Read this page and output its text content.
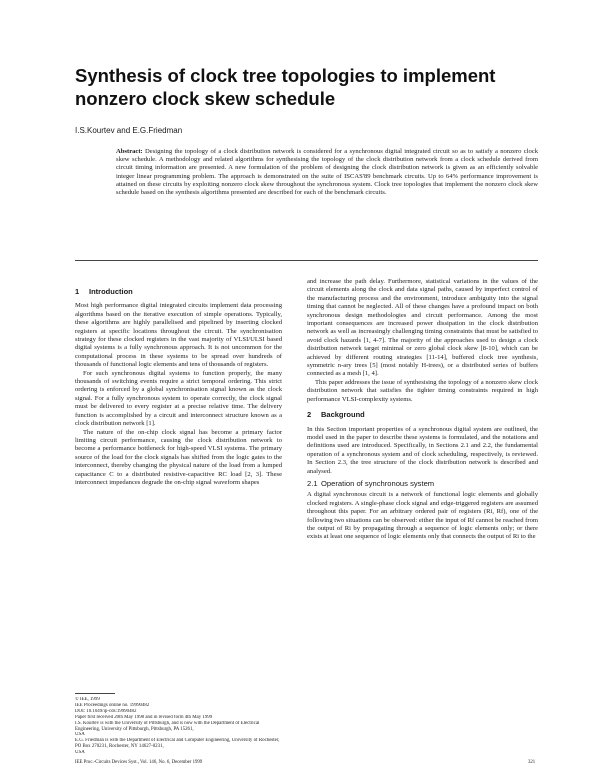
Synthesis of clock tree topologies to implement nonzero clock skew schedule
I.S.Kourtev and E.G.Friedman
Abstract: Designing the topology of a clock distribution network is considered for a synchronous digital integrated circuit so as to satisfy a nonzero clock skew schedule. A methodology and related algorithms for synthesising the topology of the clock distribution network from a clock schedule derived from circuit timing information are presented. A new formulation of the problem of designing the clock distribution network is given as an efficiently solvable integer linear programming problem. The approach is demonstrated on the suite of ISCAS'89 benchmark circuits. Up to 64% performance improvement is attained on these circuits by exploiting nonzero clock skew throughout the synchronous system. Clock tree topologies that implement the nonzero clock skew schedule based on the synthesis algorithms presented are described for each of the benchmark circuits.
1 Introduction

Most high performance digital integrated circuits implement data processing algorithms based on the iterative execution of simple operations. Typically, these algorithms are highly parallelised and pipelined by inserting clocked registers at specific locations throughout the circuit. The synchronisation strategy for these clocked registers in the vast majority of VLSI/ULSI based digital systems is a fully synchronous approach. It is not uncommon for the computational process in these systems to be spread over hundreds of thousands of functional logic elements and tens of thousands of registers.

For such synchronous digital systems to function properly, the many thousands of switching events require a strict temporal ordering. This strict ordering is enforced by a global synchronisation signal known as the clock signal. For a fully synchronous system to operate correctly, the clock signal must be delivered to every register at a precise relative time. The delivery function is accomplished by a circuit and interconnect structure known as a clock distribution network [1].

The nature of the on-chip clock signal has become a primary factor limiting circuit performance, causing the clock distribution network to become a performance bottleneck for high-speed VLSI systems. The primary source of the load for the clock signals has shifted from the logic gates to the interconnect, thereby changing the physical nature of the load from a lumped capacitance C to a distributed resistive-capacitive RC load [2, 3]. These interconnect impedances degrade the on-chip signal waveform shapes

and increase the path delay. Furthermore, statistical variations in the values of the circuit elements along the clock and data signal paths, caused by imperfect control of the manufacturing process and the environment, introduce ambiguity into the signal timing that cannot be neglected. All of these changes have a profound impact on both synchronous design methodologies and circuit performance. Among the most important consequences are increased power dissipation in the clock distribution network as well as increasingly challenging timing constraints that must be satisfied to avoid clock hazards [1, 4-7]. The majority of the approaches used to design a clock distribution network target minimal or zero global clock skew [8-10], which can be achieved by different routing strategies [11-14], buffered clock tree synthesis, symmetric n-ary trees [5] (most notably H-trees), or a distributed series of buffers connected as a mesh [1, 4].

This paper addresses the issue of synthesising the topology of a nonzero skew clock distribution network that satisfies the tighter timing constraints required in high performance VLSI-complexity systems.

2 Background

In this Section important properties of a synchronous digital system are outlined, the model used in the paper to describe these systems is formulated, and the notations and definitions used are introduced. Specifically, in Sections 2.1 and 2.2, the fundamental operation of a synchronous system and of clock scheduling, respectively, is reviewed. In Section 2.3, the tree structure of the clock distribution network is described and analysed.

2.1 Operation of synchronous system

A digital synchronous circuit is a network of functional logic elements and globally clocked registers. A single-phase clock signal and edge-triggered registers are assumed throughout this paper. For an arbitrary ordered pair of registers (Ri, Rf), one of the following two situations can be observed: either the input of Rf cannot be reached from the output of Ri by propagating through a sequence of logic elements only; or there exists at least one sequence of logic elements only that connects the output of Ri to the

© IEE, 1999
IEE Proceedings online no. 19990482
DOI: 10.1049/ip-cds:19990482
Paper first received 20th May 1998 and in revised form 4th May 1999
I.S. Kourtev is with the University of Pittsburgh, and is now with the Department of Electrical Engineering, University of Pittsburgh, Pittsburgh, PA 15261,
USA
E.G. Friedman is with the Department of Electrical and Computer Engineering, University of Rochester, PO Box 270231, Rochester, NY 14627-0231,
USA
IEE Proc.-Circuits Devices Syst., Vol. 146, No. 6, December 1999	321
